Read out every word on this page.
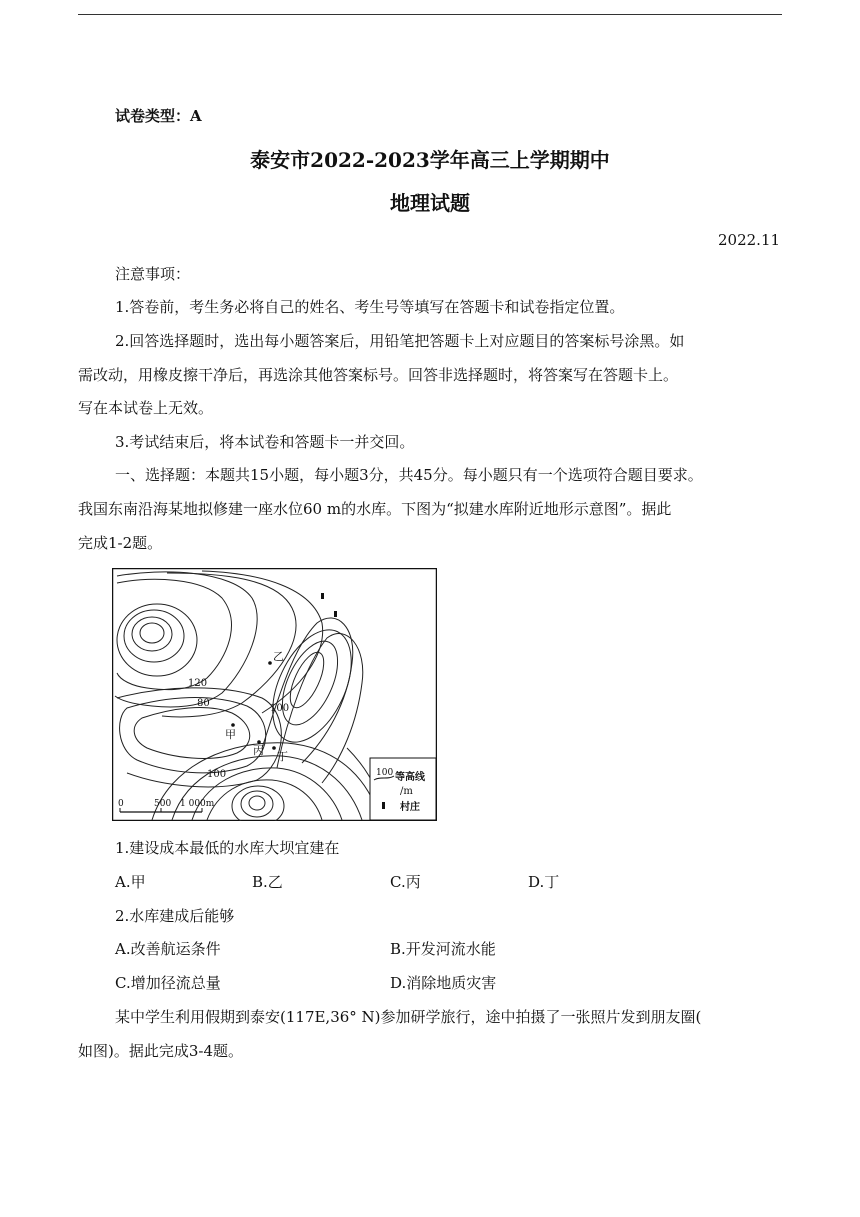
试卷类型：A
泰安市2022-2023学年高三上学期期中
地理试题
2022.11
注意事项：
1.答卷前，考生务必将自己的姓名、考生号等填写在答题卡和试卷指定位置。
2.回答选择题时，选出每小题答案后，用铅笔把答题卡上对应题目的答案标号涂黑。如
需改动，用橡皮擦干净后，再选涂其他答案标号。回答非选择题时，将答案写在答题卡上。
写在本试卷上无效。
3.考试结束后，将本试卷和答题卡一并交回。
一、选择题：本题共15小题，每小题3分，共45分。每小题只有一个选项符合题目要求。
我国东南沿海某地拟修建一座水位60 m的水库。下图为“拟建水库附近地形示意图”。据此
完成1-2题。
乙
甲
丙 丁
120
80	100
100
0	500 1 000m
100 等高线
/m
村庄
1.建设成本最低的水库大坝宜建在
A.甲	B.乙	C.丙	D.丁
2.水库建成后能够
A.改善航运条件	B.开发河流水能
C.增加径流总量	D.消除地质灾害
某中学生利用假期到泰安(117E,36° N)参加研学旅行，途中拍摄了一张照片发到朋友圈(
如图)。据此完成3-4题。
